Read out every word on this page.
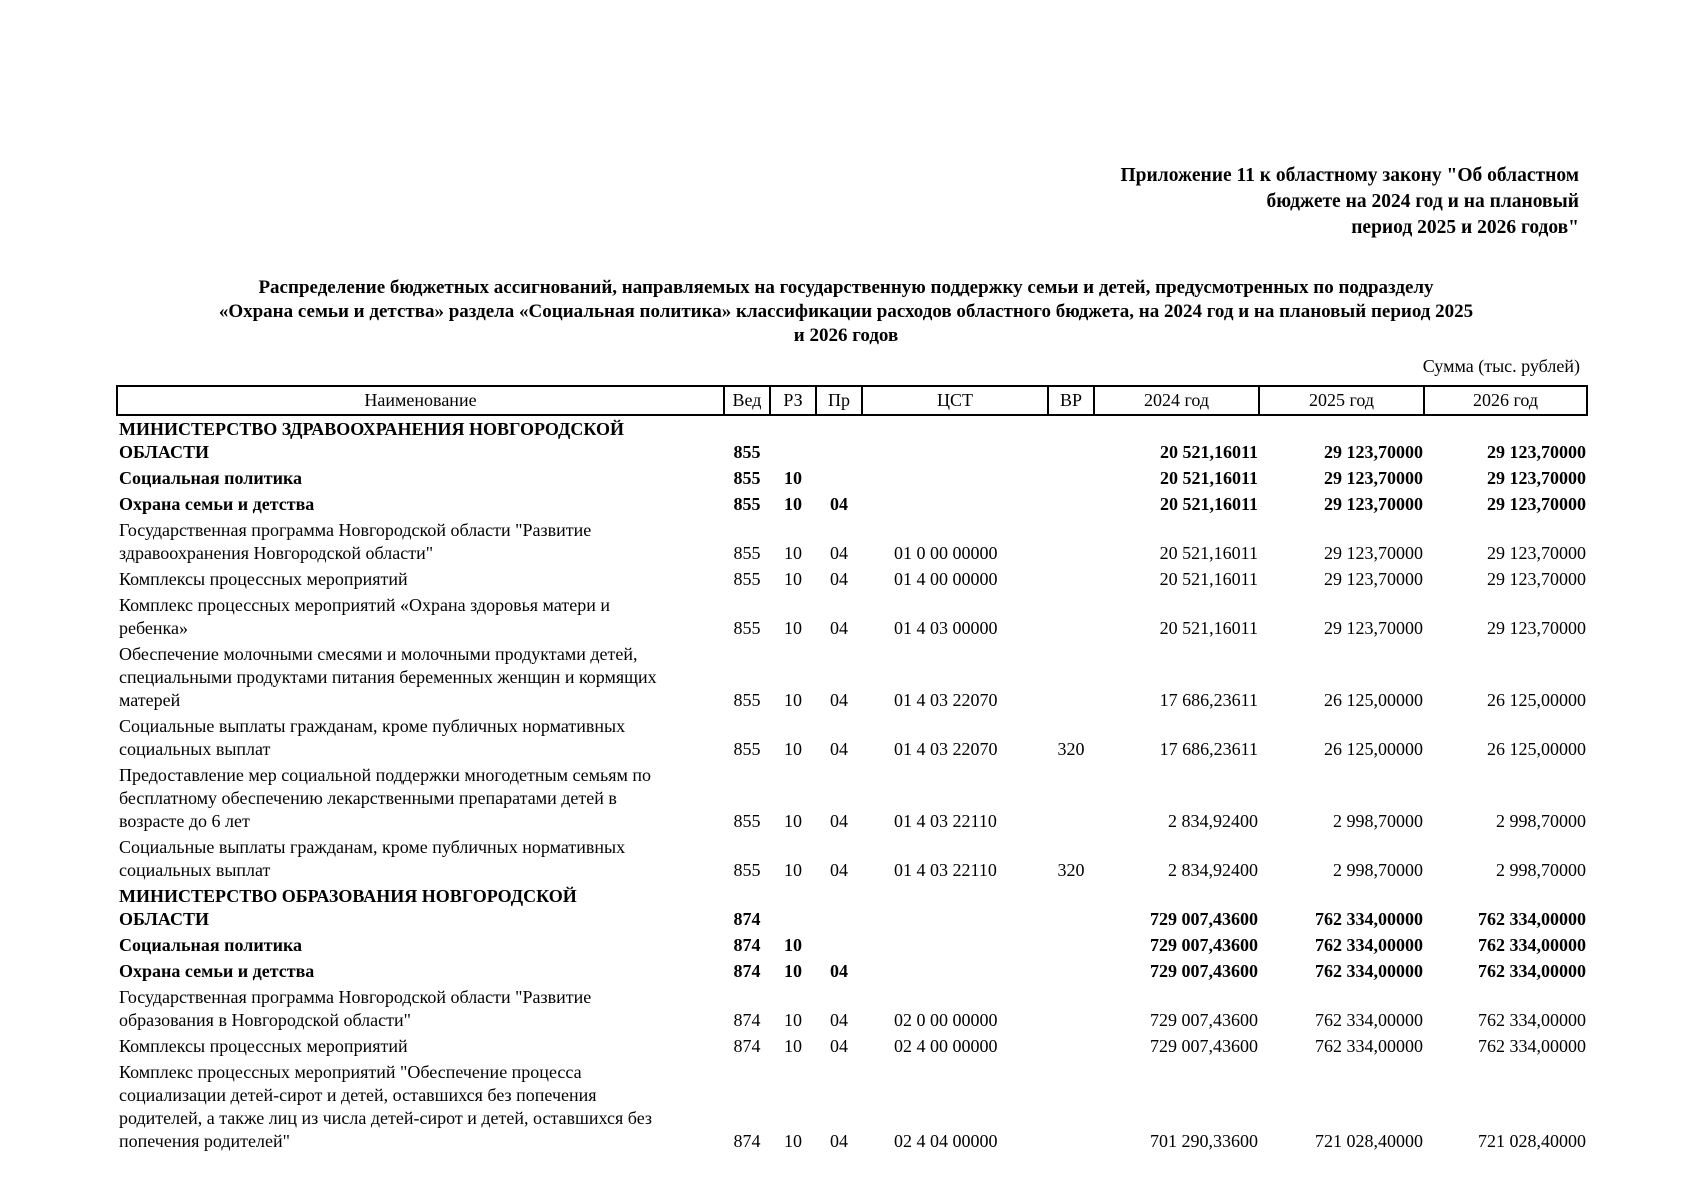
Приложение 11 к областному закону "Об областном
бюджете на 2024 год и на плановый
период 2025 и 2026 годов"
Распределение бюджетных ассигнований, направляемых на государственную поддержку семьи и детей, предусмотренных по подразделу
«Охрана семьи и детства» раздела «Социальная политика» классификации расходов областного бюджета, на 2024 год и на плановый период 2025
и 2026 годов
Сумма (тыс. рублей)
Наименование	Вед	РЗ	Пр	ЦСТ	ВР	2024 год	2025 год	2026 год

МИНИСТЕРСТВО ЗДРАВООХРАНЕНИЯ НОВГОРОДСКОЙ
ОБЛАСТИ	855					20 521,16011	29 123,70000	29 123,70000

Социальная политика	855	10				20 521,16011	29 123,70000	29 123,70000

Охрана семьи и детства	855	10	04			20 521,16011	29 123,70000	29 123,70000

Государственная программа Новгородской области "Развитие
здравоохранения Новгородской области"	855	10	04	01 0 00 00000		20 521,16011	29 123,70000	29 123,70000

Комплексы процессных мероприятий	855	10	04	01 4 00 00000		20 521,16011	29 123,70000	29 123,70000

Комплекс процессных мероприятий «Охрана здоровья матери и
ребенка»	855	10	04	01 4 03 00000		20 521,16011	29 123,70000	29 123,70000

Обеспечение молочными смесями и молочными продуктами детей,
специальными продуктами питания беременных женщин и кормящих
матерей	855	10	04	01 4 03 22070		17 686,23611	26 125,00000	26 125,00000

Социальные выплаты гражданам, кроме публичных нормативных
социальных выплат	855	10	04	01 4 03 22070	320	17 686,23611	26 125,00000	26 125,00000

Предоставление мер социальной поддержки многодетным семьям по
бесплатному обеспечению лекарственными препаратами детей в
возрасте до 6 лет	855	10	04	01 4 03 22110		2 834,92400	2 998,70000	2 998,70000

Социальные выплаты гражданам, кроме публичных нормативных
социальных выплат	855	10	04	01 4 03 22110	320	2 834,92400	2 998,70000	2 998,70000

МИНИСТЕРСТВО ОБРАЗОВАНИЯ НОВГОРОДСКОЙ
ОБЛАСТИ	874					729 007,43600	762 334,00000	762 334,00000

Социальная политика	874	10				729 007,43600	762 334,00000	762 334,00000

Охрана семьи и детства	874	10	04			729 007,43600	762 334,00000	762 334,00000

Государственная программа Новгородской области "Развитие
образования в Новгородской области"	874	10	04	02 0 00 00000		729 007,43600	762 334,00000	762 334,00000

Комплексы процессных мероприятий	874	10	04	02 4 00 00000		729 007,43600	762 334,00000	762 334,00000

Комплекс процессных мероприятий "Обеспечение процесса
социализации детей-сирот и детей, оставшихся без попечения
родителей, а также лиц из числа детей-сирот и детей, оставшихся без
попечения родителей"	874	10	04	02 4 04 00000		701 290,33600	721 028,40000	721 028,40000
